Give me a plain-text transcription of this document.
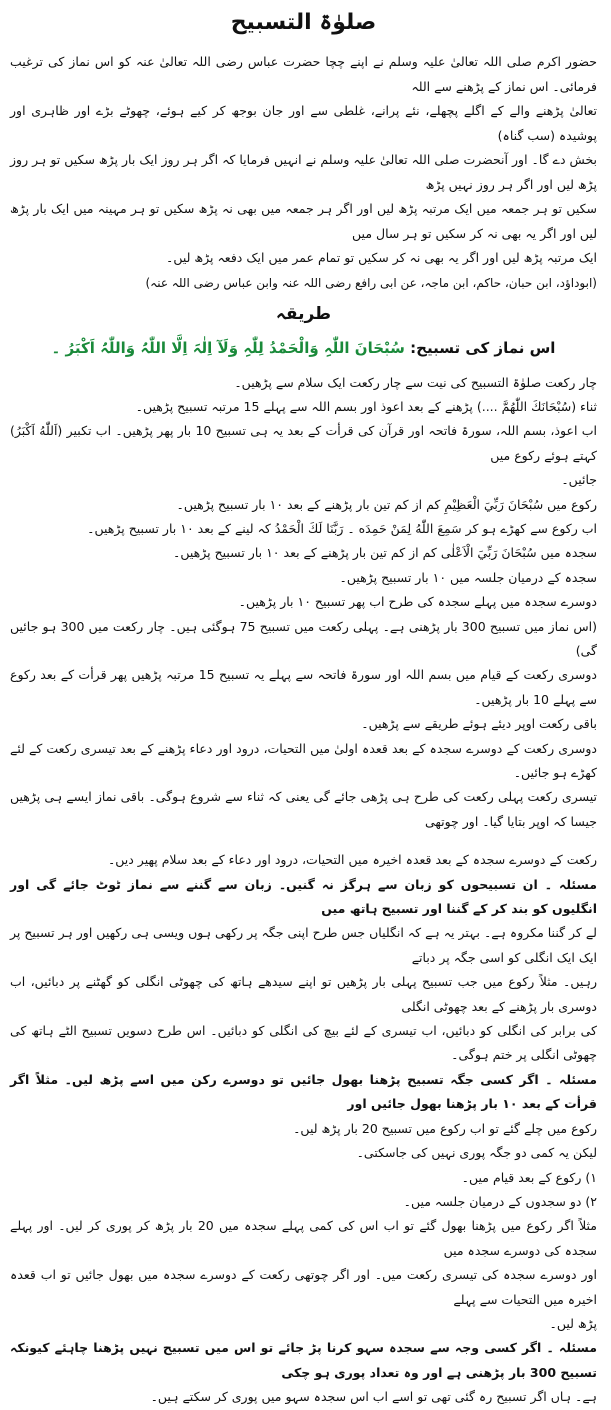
صلوٰۃ التسبیح

حضور اکرم صلی اللہ تعالیٰ علیہ وسلم نے اپنے چچا حضرت عباس رضی اللہ تعالیٰ عنہ کو اس نماز کی ترغیب فرمائی۔ اس نماز کے پڑھنے سے اللہ

تعالیٰ پڑھنے والے کے اگلے پچھلے، نئے پرانے، غلطی سے اور جان بوجھ کر کیے ہوئے، چھوٹے بڑے اور ظاہری اور پوشیدہ (سب گناہ)

بخش دے گا۔ اور آنحضرت صلی اللہ تعالیٰ علیہ وسلم نے انہیں فرمایا کہ اگر ہر روز ایک بار پڑھ سکیں تو ہر روز پڑھ لیں اور اگر ہر روز نہیں پڑھ

سکیں تو ہر جمعہ میں ایک مرتبہ پڑھ لیں اور اگر ہر جمعہ میں بھی نہ پڑھ سکیں تو ہر مہینہ میں ایک بار پڑھ لیں اور اگر یہ بھی نہ کر سکیں تو ہر سال میں

ایک مرتبہ پڑھ لیں اور اگر یہ بھی نہ کر سکیں تو تمام عمر میں ایک دفعہ پڑھ لیں۔

(ابوداؤد، ابن حبان، حاکم، ابن ماجہ، عن ابی رافع رضی اللہ عنہ وابن عباس رضی اللہ عنہ)
طریقہ
اس نماز کی تسبیح: سُبْحَانَ اللّٰہِ وَالْحَمْدُ لِلّٰہِ وَلَآ اِلٰہَ اِلَّا اللّٰہُ وَاللّٰہُ اَکْبَرُ ۔

چار رکعت صلوٰۃ التسبیح کی نیت سے چار رکعت ایک سلام سے پڑھیں۔

ثناء (سُبْحَانَكَ اللّٰهُمَّ ....) پڑھنے کے بعد اعوذ اور بسم اللہ سے پہلے 15 مرتبہ تسبیح پڑھیں۔

اب اعوذ، بسم اللہ، سورۃ فاتحہ اور قرآن کی قرأت کے بعد یہ ہی تسبیح 10 بار پھر پڑھیں۔ اب تکبیر (اَللّٰهُ اَكْبَرُ) کہتے ہوئے رکوع میں

جائیں۔

رکوع میں سُبْحَانَ رَبِّيَ الْعَظِيْمِ کم از کم تین بار پڑھنے کے بعد ۱۰ بار تسبیح پڑھیں۔

اب رکوع سے کھڑے ہو کر سَمِعَ اللّٰهُ لِمَنْ حَمِدَه ۔ رَبَّنَا لَكَ الْحَمْدُ کہ لینے کے بعد ۱۰ بار تسبیح پڑھیں۔

سجدہ میں سُبْحَانَ رَبِّيَ الْاَعْلٰی کم از کم تین بار پڑھنے کے بعد ۱۰ بار تسبیح پڑھیں۔

سجدہ کے درمیان جلسہ میں ۱۰ بار تسبیح پڑھیں۔

دوسرے سجدہ میں پہلے سجدہ کی طرح اب پھر تسبیح ۱۰ بار پڑھیں۔

(اس نماز میں تسبیح 300 بار پڑھنی ہے۔ پہلی رکعت میں تسبیح 75 ہوگئی ہیں۔ چار رکعت میں 300 ہو جائیں گی)

دوسری رکعت کے قیام میں بسم اللہ اور سورۃ فاتحہ سے پہلے یہ تسبیح 15 مرتبہ پڑھیں پھر قرأت کے بعد رکوع سے پہلے 10 بار پڑھیں۔

باقی رکعت اوپر دیئے ہوئے طریقے سے پڑھیں۔

دوسری رکعت کے دوسرے سجدہ کے بعد قعدہ اولیٰ میں التحیات، درود اور دعاء پڑھنے کے بعد تیسری رکعت کے لئے کھڑے ہو جائیں۔

تیسری رکعت پہلی رکعت کی طرح ہی پڑھی جائے گی یعنی کہ ثناء سے شروع ہوگی۔ باقی نماز ایسے ہی پڑھیں جیسا کہ اوپر بتایا گیا۔ اور چوتھی

رکعت کے دوسرے سجدہ کے بعد قعدہ اخیرہ میں التحیات، درود اور دعاء کے بعد سلام پھیر دیں۔

مسئلہ ۔ ان تسبیحوں کو زبان سے ہرگز نہ گنیں۔ زبان سے گننے سے نماز ٹوٹ جائے گی اور انگلیوں کو بند کر کے گننا اور تسبیح ہاتھ میں

لے کر گننا مکروہ ہے۔ بہتر یہ ہے کہ انگلیاں جس طرح اپنی جگہ پر رکھی ہوں ویسی ہی رکھیں اور ہر تسبیح پر ایک ایک انگلی کو اسی جگہ پر دباتے

رہیں۔ مثلاً رکوع میں جب تسبیح پہلی بار پڑھیں تو اپنے سیدھے ہاتھ کی چھوٹی انگلی کو گھٹنے پر دبائیں، اب دوسری بار پڑھنے کے بعد چھوٹی انگلی

کی برابر کی انگلی کو دبائیں، اب تیسری کے لئے بیچ کی انگلی کو دبائیں۔ اس طرح دسویں تسبیح الٹے ہاتھ کی چھوٹی انگلی پر ختم ہوگی۔

مسئلہ ۔ اگر کسی جگہ تسبیح پڑھنا بھول جائیں تو دوسرے رکن میں اسے پڑھ لیں۔ مثلاً اگر قرأت کے بعد ۱۰ بار پڑھنا بھول جائیں اور

رکوع میں چلے گئے تو اب رکوع میں تسبیح 20 بار پڑھ لیں۔

لیکن یہ کمی دو جگہ پوری نہیں کی جاسکتی۔

۱) رکوع کے بعد قیام میں۔

۲) دو سجدوں کے درمیان جلسہ میں۔

مثلاً اگر رکوع میں پڑھنا بھول گئے تو اب اس کی کمی پہلے سجدہ میں 20 بار پڑھ کر پوری کر لیں۔ اور پہلے سجدہ کی دوسرے سجدہ میں

اور دوسرے سجدہ کی تیسری رکعت میں۔ اور اگر چوتھی رکعت کے دوسرے سجدہ میں بھول جائیں تو اب قعدہ اخیرہ میں التحیات سے پہلے

پڑھ لیں۔

مسئلہ ۔ اگر کسی وجہ سے سجدہ سہو کرنا پڑ جائے تو اس میں تسبیح نہیں پڑھنا چاہئے کیونکہ تسبیح 300 بار پڑھنی ہے اور وہ تعداد پوری ہو چکی

ہے۔ ہاں اگر تسبیح رہ گئی تھی تو اسے اب اس سجدہ سہو میں پوری کر سکتے ہیں۔
